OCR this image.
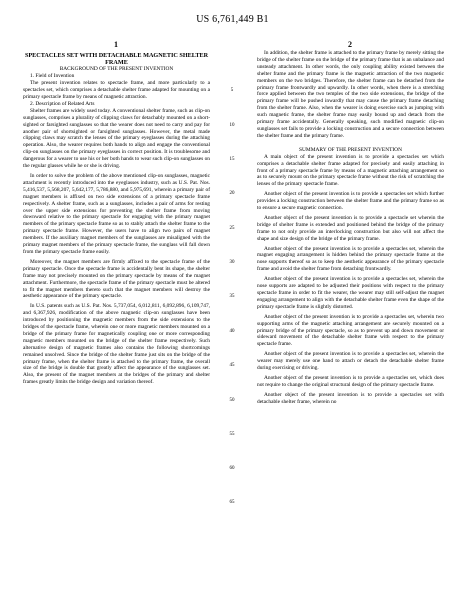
US 6,761,449 B1
1	2

SPECTACLES SET WITH DETACHABLE MAGNETIC SHELTER FRAME

BACKGROUND OF THE PRESENT INVENTION

1. Field of Invention

The present invention relates to spectacle frame, and more particularly to a spectacles set, which comprises a detachable shelter frame adapted for mounting on a primary spectacle frame by means of magnetic attraction.

2. Description of Related Arts

Shelter frames are widely used today. A conventional shelter frame, such as clip-on sunglasses, comprises a plurality of clipping claws for detachably mounted on a short-sighted or farsighted sunglasses so that the wearer does not need to carry and pay for another pair of shortsighted or farsighted sunglasses. However, the metal made clipping claws may scratch the lenses of the primary eyeglasses during the attaching operation. Also, the wearer requires both hands to align and engage the conventional clip-on sunglasses on the primary eyeglasses in correct position. It is troublesome and dangerous for a wearer to use his or her both hands to wear such clip-on sunglasses on the regular glasses while he or she is driving.

In order to solve the problem of the above mentioned clip-on sunglasses, magnetic attachment is recently introduced into the eyeglasses industry, such as U.S. Pat. Nos. 5,416,537, 5,568,207, 5,642,177, 5,786,880, and 5,975,691, wherein a primary pair of magnet members is affixed on two side extensions of a primary spectacle frame respectively. A shelter frame, such as a sunglasses, includes a pair of arms for resting over the upper side extensions for preventing the shelter frame from moving downward relative to the primary spectacle for engaging with the primary magnet members of the primary spectacle frame so as to stably attach the shelter frame to the primary spectacle frame. However, the users have to align two pairs of magnet members. If the auxiliary magnet members of the sunglasses are misaligned with the primary magnet members of the primary spectacle frame, the sunglass will fall down from the primary spectacle frame easily.

Moreover, the magnet members are firmly affixed to the spectacle frame of the primary spectacle. Once the spectacle frame is accidentally bent its shape, the shelter frame may not precisely mounted on the primary spectacle by means of the magnet attachment. Furthermore, the spectacle frame of the primary spectacle must be altered to fit the magnet members thereto such that the magnet members will destroy the aesthetic appearance of the primary spectacle.

In U.S. patents such as U.S. Pat. Nos. 5,737,054, 6,012,811, 6,092,896, 6,109,747, and 6,367,926, modification of the above magnetic clip-on sunglasses have been introduced by positioning the magnetic members from the side extensions to the bridges of the spectacle frame, wherein one or more magnetic members mounted on a bridge of the primary frame for magnetically coupling one or more corresponding magnetic members mounted on the bridge of the shelter frame respectively. Such alternative design of magnetic frames also contains the following shortcomings remained unsolved. Since the bridge of the shelter frame just sits on the bridge of the primary frame, when the shelter frame is attached to the primary frame, the overall size of the bridge is double that greatly affect the appearance of the sunglasses set. Also, the present of the magnet members at the bridges of the primary and shelter frames greatly limits the bridge design and variation thereof.

In addition, the shelter frame is attached to the primary frame by merely sitting the bridge of the shelter frame on the bridge of the primary frame that is an unbalance and unsteady attachment. In other words, the only coupling ability existed between the shelter frame and the primary frame is the magnetic attraction of the two magnetic members on the two bridges. Therefore, the shelter frame can be detached from the primary frame frontwardly and upwardly. In other words, when there is a stretching force applied between the two temples of the two side extensions, the bridge of the primary frame will be pushed inwardly that may cause the primary frame detaching from the shelter frame. Also, when the wearer is doing exercise such as jumping with such magnetic frame, the shelter frame may easily bound up and detach from the primary frame accidentally. Generally speaking, such modified magnetic clip-on sunglasses set fails to provide a locking construction and a secure connection between the shelter frame and the primary frame.

SUMMARY OF THE PRESENT INVENTION

A main object of the present invention is to provide a spectacles set which comprises a detachable shelter frame adapted for precisely and easily attaching in front of a primary spectacle frame by means of a magnetic attaching arrangement so as to securely mount on the primary spectacle frame without the risk of scratching the lenses of the primary spectacle frame.

Another object of the present invention is to provide a spectacles set which further provides a locking construction between the shelter frame and the primary frame so as to ensure a secure magnetic connection.

Another object of the present invention is to provide a spectacle set wherein the bridge of shelter frame is extended and positioned behind the bridge of the primary frame to not only provide an interlocking construction but also will not affect the shape and size design of the bridge of the primary frame.

Another object of the present invention is to provide a spectacles set, wherein the magnet engaging arrangement is hidden behind the primary spectacle frame at the nose supports thereof so as to keep the aesthetic appearance of the primary spectacle frame and avoid the shelter frame from detaching frontwardly.

Another object of the present invention is to provide a spectacles set, wherein the nose supports are adapted to be adjusted their positions with respect to the primary spectacle frame in order to fit the wearer, the wearer may still self-adjust the magnet engaging arrangement to align with the detachable shelter frame even the shape of the primary spectacle frame is slightly distorted.

Another object of the present invention is to provide a spectacles set, wherein two supporting arms of the magnetic attaching arrangement are securely mounted on a primary bridge of the primary spectacle, so as to prevent up and down movement or sideward movement of the detachable shelter frame with respect to the primary spectacle frame.

Another object of the present invention is to provide a spectacles set, wherein the wearer may merely use one hand to attach or detach the detachable shelter frame during exercising or driving.

Another object of the present invention is to provide a spectacles set, which does not require to change the original structural design of the primary spectacle frame.

Another object of the present invention is to provide a spectacles set with detachable shelter frame, wherein no

5
10
15
20
25
30
35
40
45
50
55
60
65
